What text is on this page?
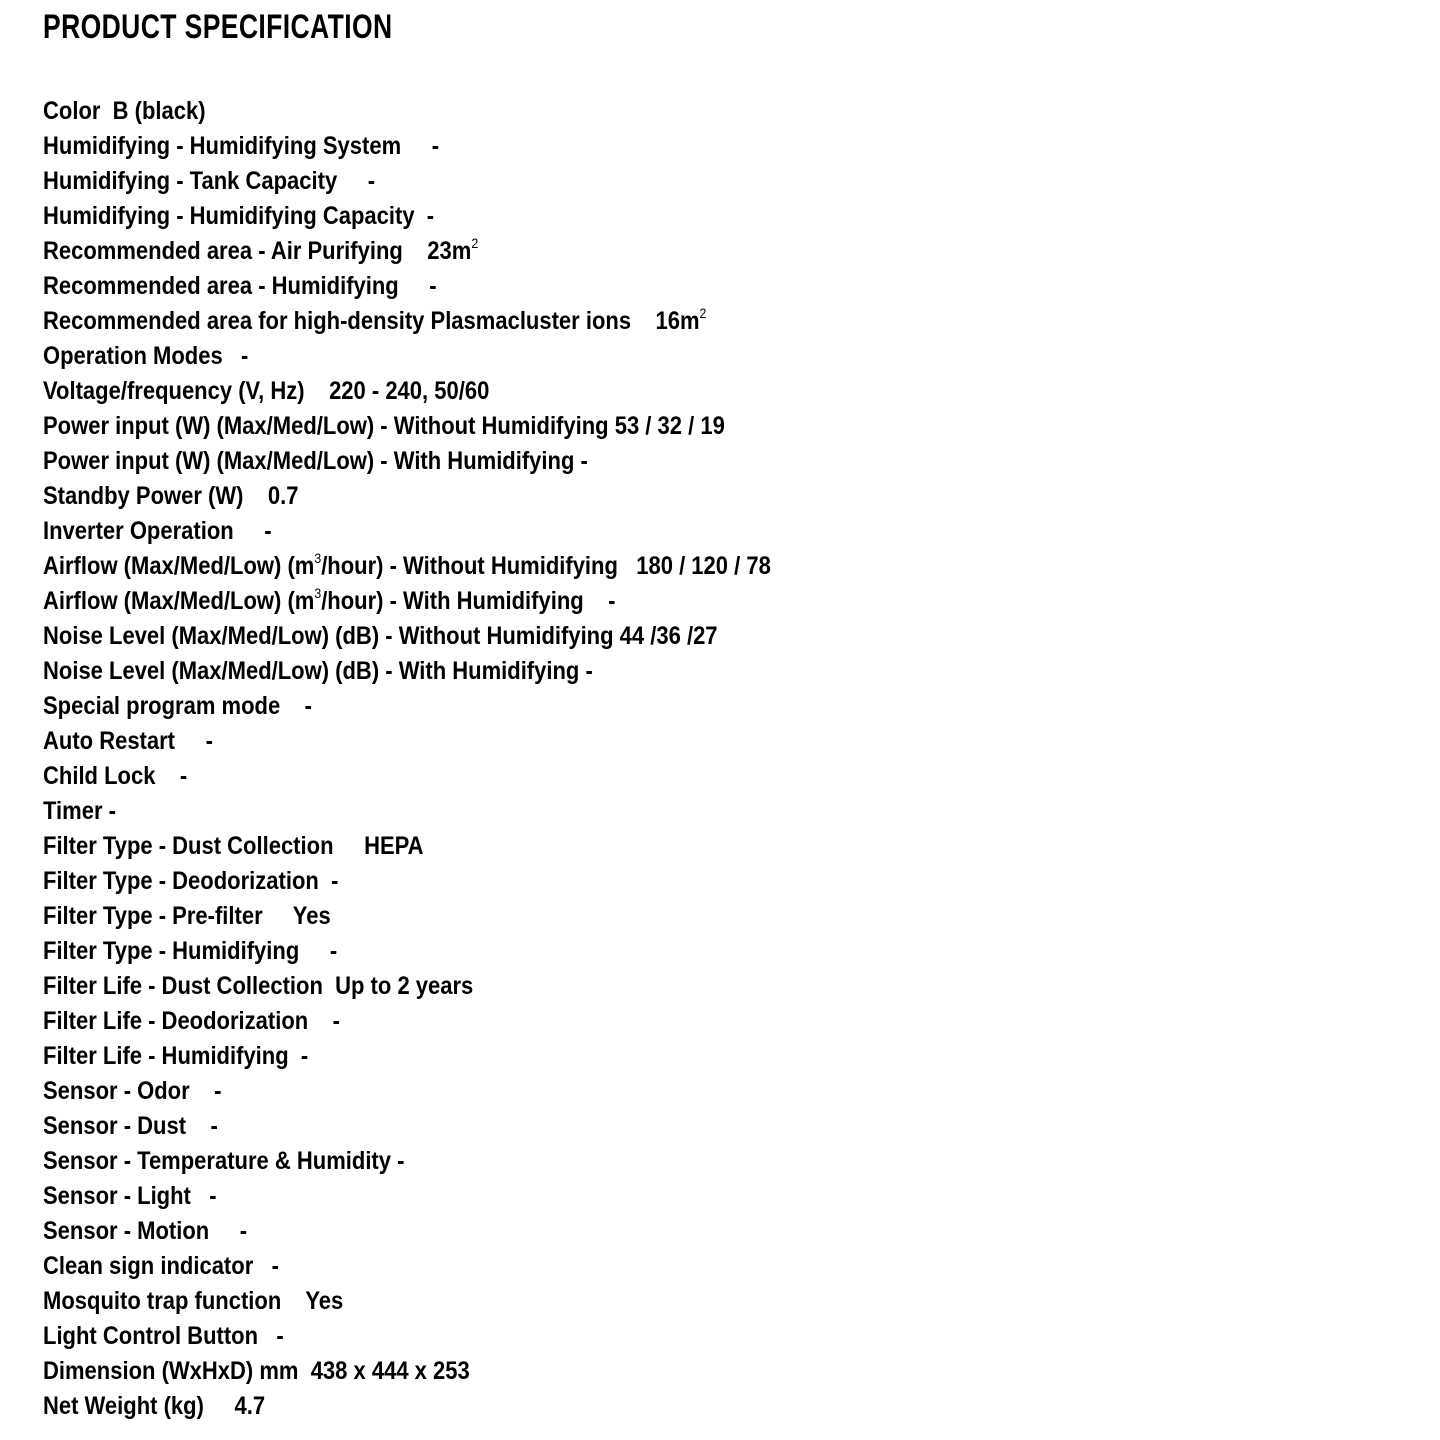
PRODUCT SPECIFICATION
Color  B (black)
Humidifying - Humidifying System     -
Humidifying - Tank Capacity     -
Humidifying - Humidifying Capacity  -
Recommended area - Air Purifying    $23m^2$
Recommended area - Humidifying     -
Recommended area for high-density Plasmacluster ions    $16m^2$
Operation Modes   -
Voltage/frequency (V, Hz)    220 - 240, 50/60
Power input (W) (Max/Med/Low) - Without Humidifying 53 / 32 / 19
Power input (W) (Max/Med/Low) - With Humidifying -
Standby Power (W)    0.7
Inverter Operation     -
Airflow (Max/Med/Low) $(m^3/hour)$ - Without Humidifying   180 / 120 / 78
Airflow (Max/Med/Low) $(m^3/hour)$ - With Humidifying    -
Noise Level (Max/Med/Low) (dB) - Without Humidifying 44 /36 /27
Noise Level (Max/Med/Low) (dB) - With Humidifying -
Special program mode    -
Auto Restart     -
Child Lock    -
Timer -
Filter Type - Dust Collection     HEPA
Filter Type - Deodorization  -
Filter Type - Pre-filter     Yes
Filter Type - Humidifying     -
Filter Life - Dust Collection  Up to 2 years
Filter Life - Deodorization    -
Filter Life - Humidifying  -
Sensor - Odor    -
Sensor - Dust    -
Sensor - Temperature & Humidity -
Sensor - Light   -
Sensor - Motion     -
Clean sign indicator   -
Mosquito trap function    Yes
Light Control Button   -
Dimension (WxHxD) mm  438 x 444 x 253
Net Weight (kg)     4.7
